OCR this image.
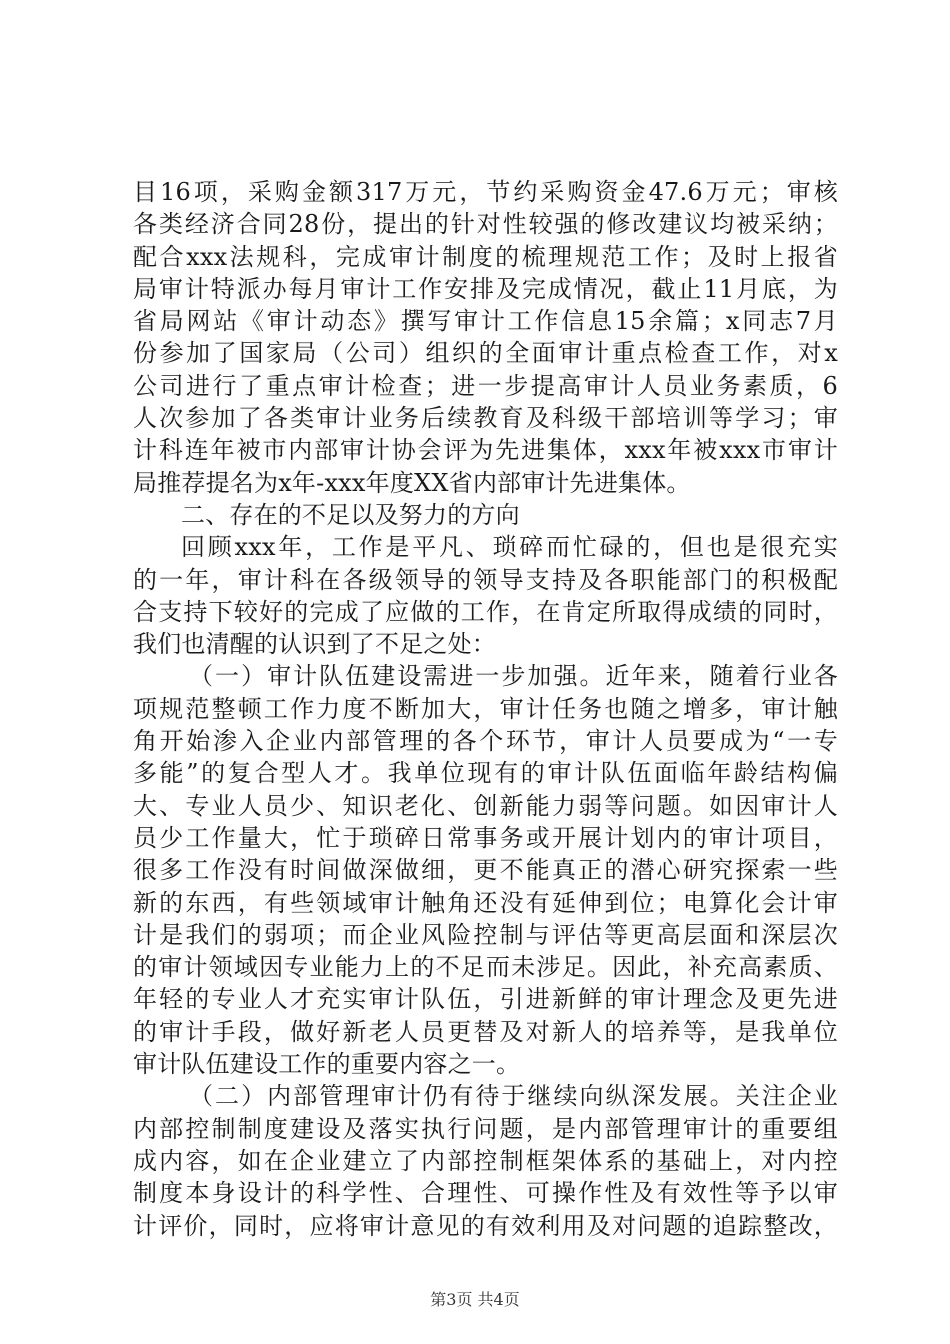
目16项，采购金额317万元，节约采购资金47.6万元；审核
各类经济合同28份，提出的针对性较强的修改建议均被采纳；
配合xxx法规科，完成审计制度的梳理规范工作；及时上报省
局审计特派办每月审计工作安排及完成情况，截止11月底，为
省局网站《审计动态》撰写审计工作信息15余篇；x同志7月
份参加了国家局（公司）组织的全面审计重点检查工作，对x
公司进行了重点审计检查；进一步提高审计人员业务素质，6
人次参加了各类审计业务后续教育及科级干部培训等学习；审
计科连年被市内部审计协会评为先进集体，xxx年被xxx市审计
局推荐提名为x年-xxx年度XX省内部审计先进集体。
二、存在的不足以及努力的方向
回顾xxx年，工作是平凡、琐碎而忙碌的，但也是很充实
的一年，审计科在各级领导的领导支持及各职能部门的积极配
合支持下较好的完成了应做的工作，在肯定所取得成绩的同时，
我们也清醒的认识到了不足之处：
（一）审计队伍建设需进一步加强。近年来，随着行业各
项规范整顿工作力度不断加大，审计任务也随之增多，审计触
角开始渗入企业内部管理的各个环节，审计人员要成为“一专
多能”的复合型人才。我单位现有的审计队伍面临年龄结构偏
大、专业人员少、知识老化、创新能力弱等问题。如因审计人
员少工作量大，忙于琐碎日常事务或开展计划内的审计项目，
很多工作没有时间做深做细，更不能真正的潜心研究探索一些
新的东西，有些领域审计触角还没有延伸到位；电算化会计审
计是我们的弱项；而企业风险控制与评估等更高层面和深层次
的审计领域因专业能力上的不足而未涉足。因此，补充高素质、
年轻的专业人才充实审计队伍，引进新鲜的审计理念及更先进
的审计手段，做好新老人员更替及对新人的培养等，是我单位
审计队伍建设工作的重要内容之一。
（二）内部管理审计仍有待于继续向纵深发展。关注企业
内部控制制度建设及落实执行问题，是内部管理审计的重要组
成内容，如在企业建立了内部控制框架体系的基础上，对内控
制度本身设计的科学性、合理性、可操作性及有效性等予以审
计评价，同时，应将审计意见的有效利用及对问题的追踪整改，
第3页 共4页
